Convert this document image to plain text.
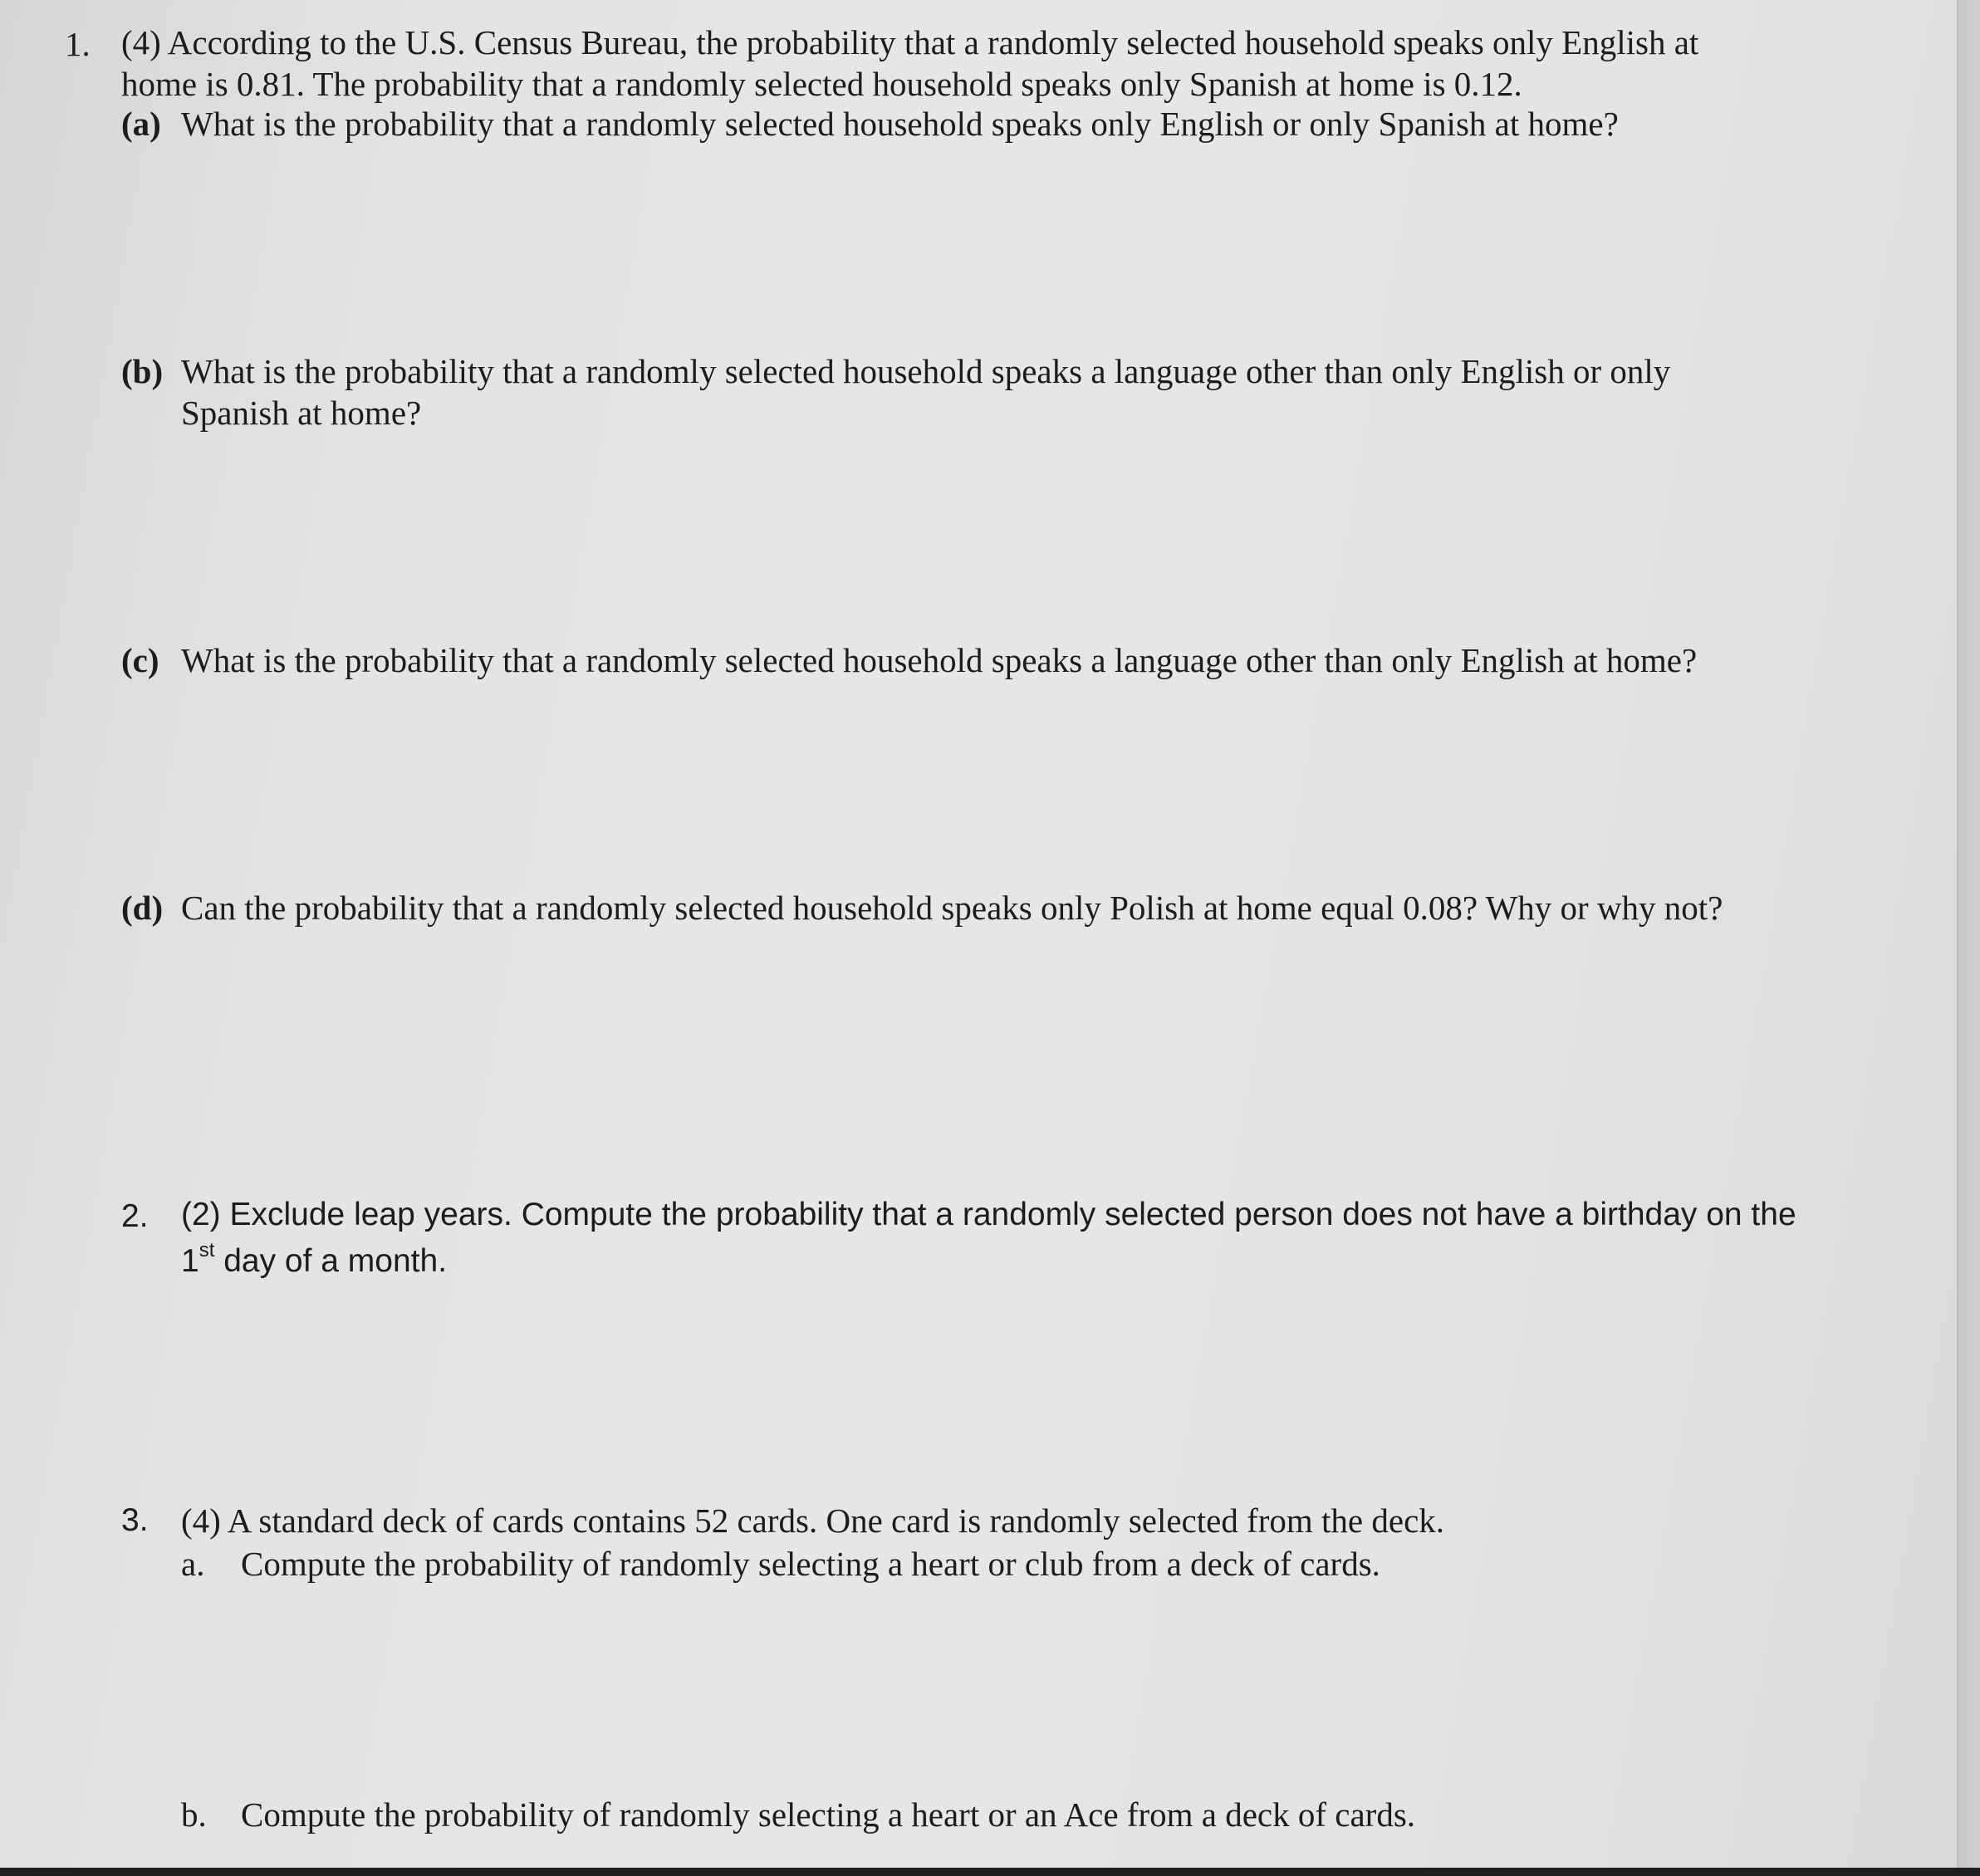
1. (4) According to the U.S. Census Bureau, the probability that a randomly selected household speaks only English at
home is 0.81. The probability that a randomly selected household speaks only Spanish at home is 0.12.
(a) What is the probability that a randomly selected household speaks only English or only Spanish at home?
(b) What is the probability that a randomly selected household speaks a language other than only English or only
Spanish at home?
(c) What is the probability that a randomly selected household speaks a language other than only English at home?
(d) Can the probability that a randomly selected household speaks only Polish at home equal 0.08? Why or why not?
2. (2) Exclude leap years. Compute the probability that a randomly selected person does not have a birthday on the
1st day of a month.
3. (4) A standard deck of cards contains 52 cards. One card is randomly selected from the deck.
a. Compute the probability of randomly selecting a heart or club from a deck of cards.
b. Compute the probability of randomly selecting a heart or an Ace from a deck of cards.
